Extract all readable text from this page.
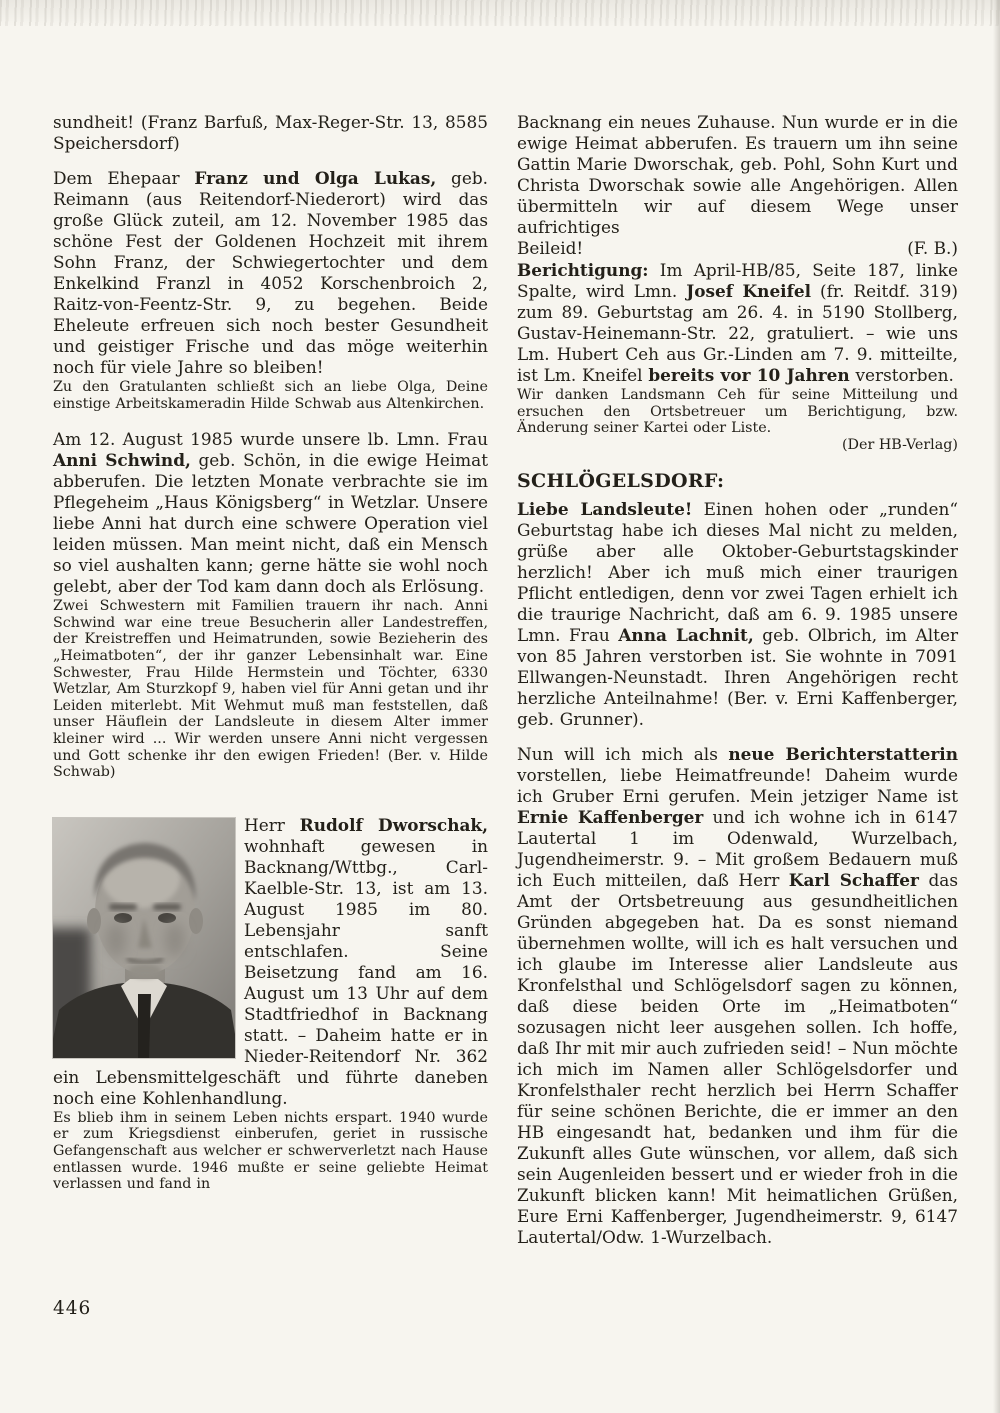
sundheit! (Franz Barfuß, Max-Reger-Str. 13, 8585 Speichersdorf)

Dem Ehepaar Franz und Olga Lukas, geb. Reimann (aus Reitendorf-Niederort) wird das große Glück zuteil, am 12. November 1985 das schöne Fest der Goldenen Hochzeit mit ihrem Sohn Franz, der Schwiegertochter und dem Enkelkind Franzl in 4052 Korschenbroich 2, Raitz-von-Feentz-Str. 9, zu begehen. Beide Eheleute erfreuen sich noch bester Gesundheit und geistiger Frische und das möge weiterhin noch für viele Jahre so bleiben!

Zu den Gratulanten schließt sich an liebe Olga, Deine einstige Arbeitskameradin Hilde Schwab aus Altenkirchen.

Am 12. August 1985 wurde unsere lb. Lmn. Frau Anni Schwind, geb. Schön, in die ewige Heimat abberufen. Die letzten Monate verbrachte sie im Pflegeheim „Haus Königsberg“ in Wetzlar. Unsere liebe Anni hat durch eine schwere Operation viel leiden müssen. Man meint nicht, daß ein Mensch so viel aushalten kann; gerne hätte sie wohl noch gelebt, aber der Tod kam dann doch als Erlösung.

Zwei Schwestern mit Familien trauern ihr nach. Anni Schwind war eine treue Besucherin aller Landestreffen, der Kreistreffen und Heimatrunden, sowie Bezieherin des „Heimatboten“, der ihr ganzer Lebensinhalt war. Eine Schwester, Frau Hilde Hermstein und Töchter, 6330 Wetzlar, Am Sturzkopf 9, haben viel für Anni getan und ihr Leiden miterlebt. Mit Wehmut muß man feststellen, daß unser Häuflein der Landsleute in diesem Alter immer kleiner wird ... Wir werden unsere Anni nicht vergessen und Gott schenke ihr den ewigen Frieden! (Ber. v. Hilde Schwab)

Herr Rudolf Dworschak, wohnhaft gewesen in Backnang/Wttbg., Carl-Kaelble-Str. 13, ist am 13. August 1985 im 80. Lebensjahr sanft entschlafen. Seine Beisetzung fand am 16. August um 13 Uhr auf dem Stadtfriedhof in Backnang statt. – Daheim hatte er in Nieder-Reitendorf Nr. 362 ein Lebensmittelgeschäft und führte daneben noch eine Kohlenhandlung.

Es blieb ihm in seinem Leben nichts erspart. 1940 wurde er zum Kriegsdienst einberufen, geriet in russische Gefangenschaft aus welcher er schwerverletzt nach Hause entlassen wurde. 1946 mußte er seine geliebte Heimat verlassen und fand in

Backnang ein neues Zuhause. Nun wurde er in die ewige Heimat abberufen. Es trauern um ihn seine Gattin Marie Dworschak, geb. Pohl, Sohn Kurt und Christa Dworschak sowie alle Angehörigen. Allen übermitteln wir auf diesem Wege unser aufrichtiges

Beileid!	(F. B.)

Berichtigung: Im April-HB/85, Seite 187, linke Spalte, wird Lmn. Josef Kneifel (fr. Reitdf. 319) zum 89. Geburtstag am 26. 4. in 5190 Stollberg, Gustav-Heinemann-Str. 22, gratuliert. – wie uns Lm. Hubert Ceh aus Gr.-Linden am 7. 9. mitteilte, ist Lm. Kneifel bereits vor 10 Jahren verstorben.

Wir danken Landsmann Ceh für seine Mitteilung und ersuchen den Ortsbetreuer um Berichtigung, bzw. Änderung seiner Kartei oder Liste.

(Der HB-Verlag)
SCHLÖGELSDORF:

Liebe Landsleute! Einen hohen oder „runden“ Geburtstag habe ich dieses Mal nicht zu melden, grüße aber alle Oktober-Geburtstagskinder herzlich! Aber ich muß mich einer traurigen Pflicht entledigen, denn vor zwei Tagen erhielt ich die traurige Nachricht, daß am 6. 9. 1985 unsere Lmn. Frau Anna Lachnit, geb. Olbrich, im Alter von 85 Jahren verstorben ist. Sie wohnte in 7091 Ellwangen-Neunstadt. Ihren Angehörigen recht herzliche Anteilnahme! (Ber. v. Erni Kaffenberger, geb. Grunner).

Nun will ich mich als neue Berichterstatterin vorstellen, liebe Heimatfreunde! Daheim wurde ich Gruber Erni gerufen. Mein jetziger Name ist Ernie Kaffenberger und ich wohne ich in 6147 Lautertal 1 im Odenwald, Wurzelbach, Jugendheimerstr. 9. – Mit großem Bedauern muß ich Euch mitteilen, daß Herr Karl Schaffer das Amt der Ortsbetreuung aus gesundheitlichen Gründen abgegeben hat. Da es sonst niemand übernehmen wollte, will ich es halt versuchen und ich glaube im Interesse alier Landsleute aus Kronfelsthal und Schlögelsdorf sagen zu können, daß diese beiden Orte im „Heimatboten“ sozusagen nicht leer ausgehen sollen. Ich hoffe, daß Ihr mit mir auch zufrieden seid! – Nun möchte ich mich im Namen aller Schlögelsdorfer und Kronfelsthaler recht herzlich bei Herrn Schaffer für seine schönen Berichte, die er immer an den HB eingesandt hat, bedanken und ihm für die Zukunft alles Gute wünschen, vor allem, daß sich sein Augenleiden bessert und er wieder froh in die Zukunft blicken kann! Mit heimatlichen Grüßen, Eure Erni Kaffenberger, Jugendheimerstr. 9, 6147 Lautertal/Odw. 1-Wurzelbach.

446
